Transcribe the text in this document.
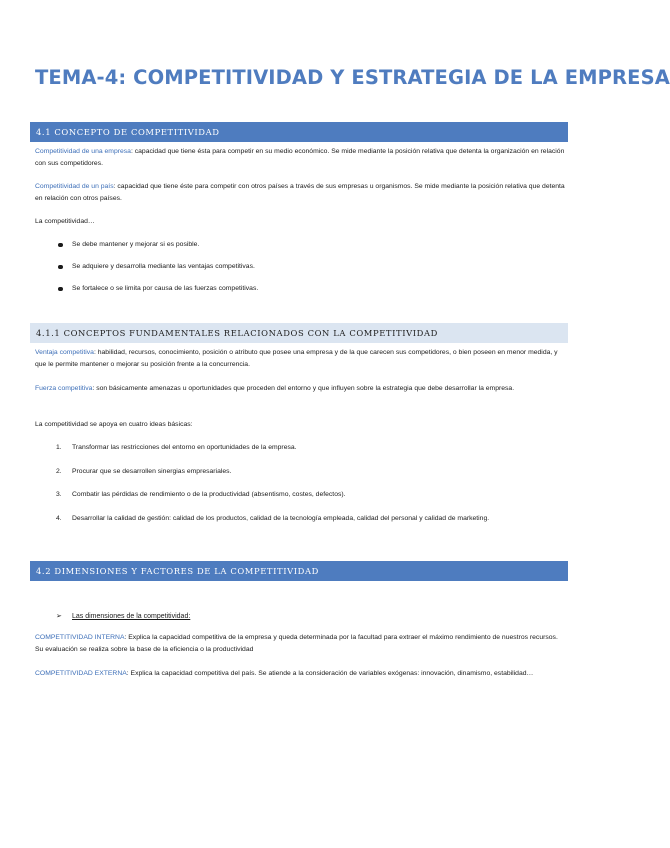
TEMA-4: COMPETITIVIDAD Y ESTRATEGIA DE LA EMPRESA
4.1 CONCEPTO DE COMPETITIVIDAD

Competitividad de una empresa: capacidad que tiene ésta para competir en su medio económico. Se mide mediante la posición relativa que detenta la organización en relación con sus competidores.

Competitividad de un país: capacidad que tiene éste para competir con otros países a través de sus empresas u organismos. Se mide mediante la posición relativa que detenta en relación con otros países.

La competitividad…

Se debe mantener y mejorar si es posible.
Se adquiere y desarrolla mediante las ventajas competitivas.
Se fortalece o se limita por causa de las fuerzas competitivas.
4.1.1 CONCEPTOS FUNDAMENTALES RELACIONADOS CON LA COMPETITIVIDAD

Ventaja competitiva: habilidad, recursos, conocimiento, posición o atributo que posee una empresa y de la que carecen sus competidores, o bien poseen en menor medida, y que le permite mantener o mejorar su posición frente a la concurrencia.

Fuerza competitiva: son básicamente amenazas u oportunidades que proceden del entorno y que influyen sobre la estrategia que debe desarrollar la empresa.

La competitividad se apoya en cuatro ideas básicas:

1. Transformar las restricciones del entorno en oportunidades de la empresa.
2. Procurar que se desarrollen sinergias empresariales.
3. Combatir las pérdidas de rendimiento o de la productividad (absentismo, costes, defectos).
4. Desarrollar la calidad de gestión: calidad de los productos, calidad de la tecnología empleada, calidad del personal y calidad de marketing.
4.2 DIMENSIONES Y FACTORES DE LA COMPETITIVIDAD
➢ Las dimensiones de la competitividad:

COMPETITIVIDAD INTERNA: Explica la capacidad competitiva de la empresa y queda determinada por la facultad para extraer el máximo rendimiento de nuestros recursos. Su evaluación se realiza sobre la base de la eficiencia o la productividad

COMPETITIVIDAD EXTERNA: Explica la capacidad competitiva del país. Se atiende a la consideración de variables exógenas: innovación, dinamismo, estabilidad…
